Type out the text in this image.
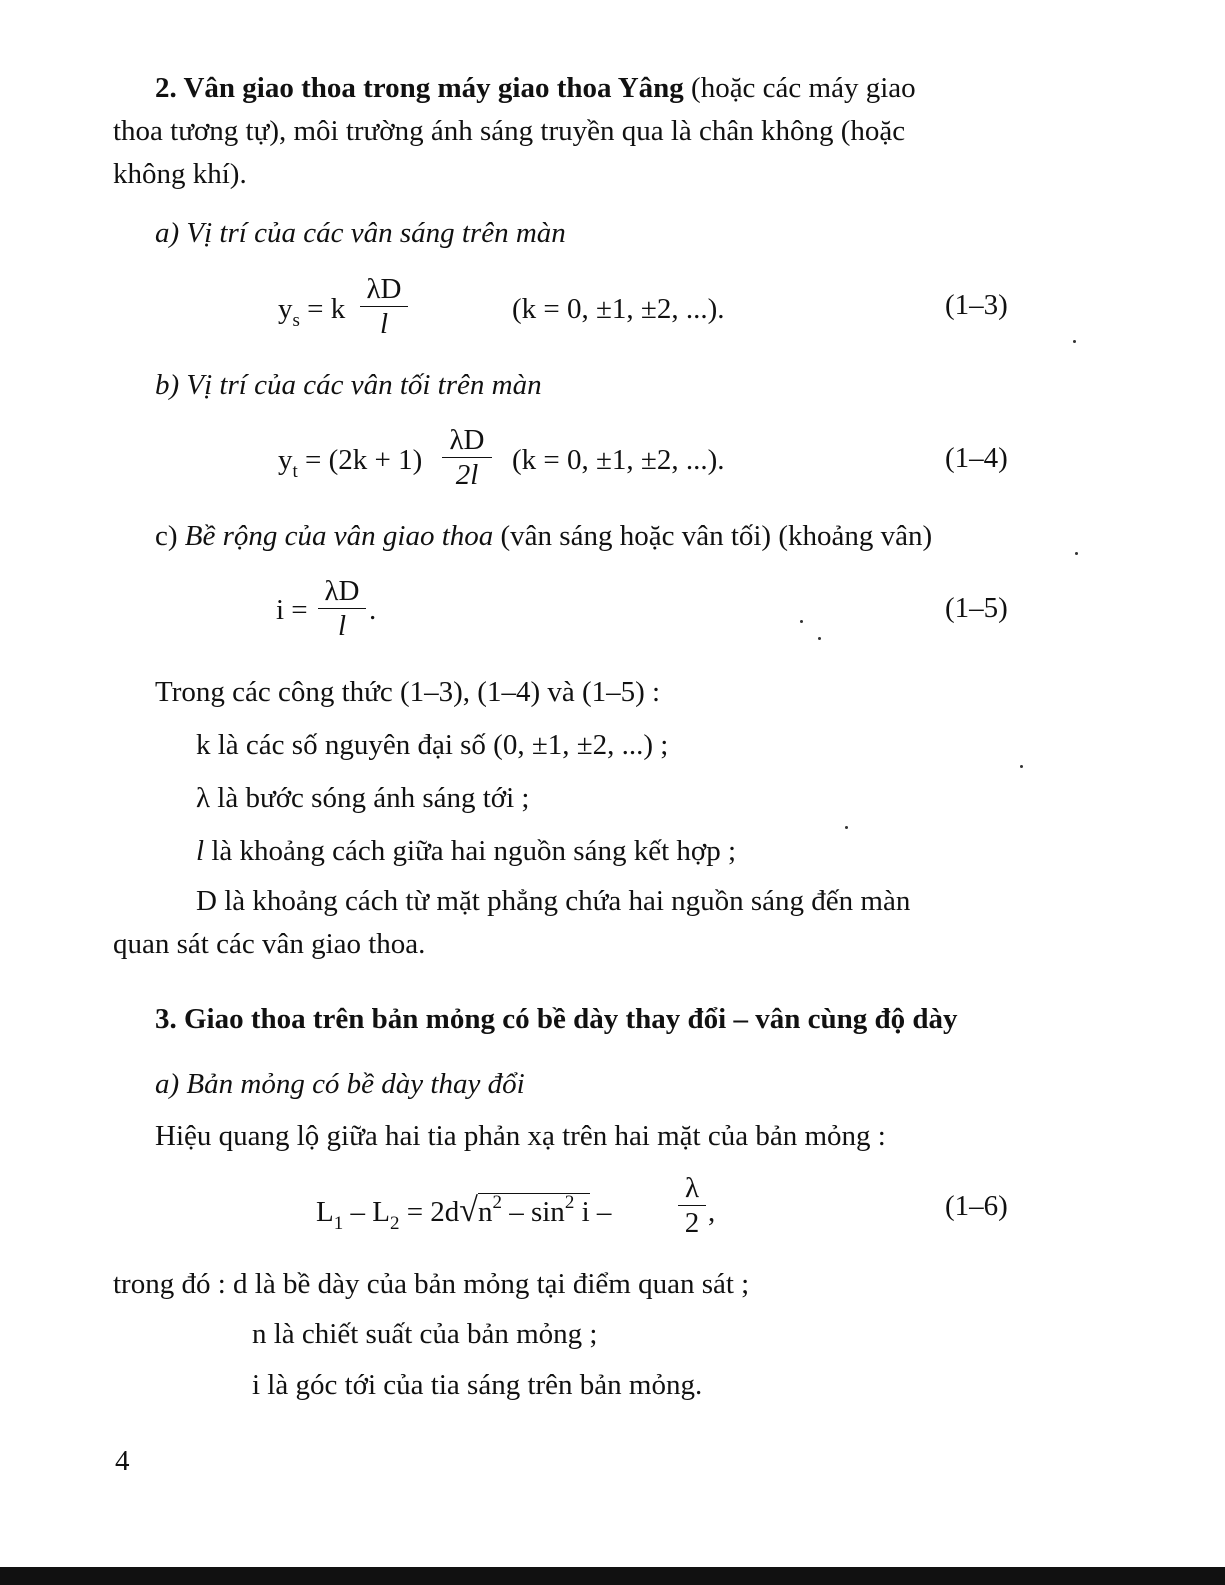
2. Vân giao thoa trong máy giao thoa Yâng (hoặc các máy giao
thoa tương tự), môi trường ánh sáng truyền qua là chân không (hoặc
không khí).
a) Vị trí của các vân sáng trên màn
$y_s = k$
λD
l	(k = 0, ±1, ±2, ...).	(1–3)
b) Vị trí của các vân tối trên màn
$y_t = (2k + 1)$
λD
2l	(k = 0, ±1, ±2, ...).	(1–4)
c) Bề rộng của vân giao thoa (vân sáng hoặc vân tối) (khoảng vân)
i =
λD
l .	(1–5)
Trong các công thức (1–3), (1–4) và (1–5) :
k là các số nguyên đại số (0, ±1, ±2, ...) ;
λ là bước sóng ánh sáng tới ;
l là khoảng cách giữa hai nguồn sáng kết hợp ;
D là khoảng cách từ mặt phẳng chứa hai nguồn sáng đến màn
quan sát các vân giao thoa.
3. Giao thoa trên bản mỏng có bề dày thay đổi – vân cùng độ dày
a) Bản mỏng có bề dày thay đổi
Hiệu quang lộ giữa hai tia phản xạ trên hai mặt của bản mỏng :
$L_1 - L_2 = 2d√n^2 - \sin^2 i$ –
λ
2 ,	(1–6)
trong đó : d là bề dày của bản mỏng tại điểm quan sát ;
n là chiết suất của bản mỏng ;
i là góc tới của tia sáng trên bản mỏng.
4
